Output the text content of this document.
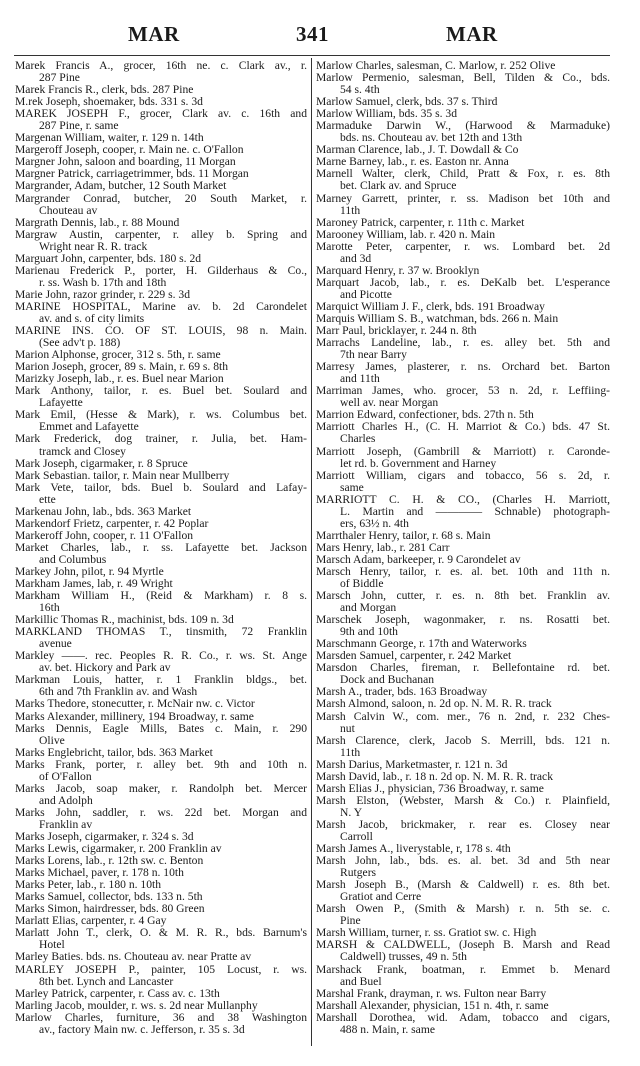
MAR	341	MAR
Marek Francis A., grocer, 16th ne. c. Clark av., r.
287 Pine
Marek Francis R., clerk, bds. 287 Pine
M.rek Joseph, shoemaker, bds. 331 s. 3d
MAREK JOSEPH F., grocer, Clark av. c. 16th and
287 Pine, r. same
Margenan William, waiter, r. 129 n. 14th
Margeroff Joseph, cooper, r. Main ne. c. O'Fallon
Margner John, saloon and boarding, 11 Morgan
Margner Patrick, carriagetrimmer, bds. 11 Morgan
Margrander, Adam, butcher, 12 South Market
Margrander Conrad, butcher, 20 South Market, r.
Chouteau av
Margrath Dennis, lab., r. 88 Mound
Margraw Austin, carpenter, r. alley b. Spring and
Wright near R. R. track
Marguart John, carpenter, bds. 180 s. 2d
Marienau Frederick P., porter, H. Gilderhaus & Co.,
r. ss. Wash b. 17th and 18th
Marie John, razor grinder, r. 229 s. 3d
MARINE HOSPITAL, Marine av. b. 2d Carondelet
av. and s. of city limits
MARINE INS. CO. OF ST. LOUIS, 98 n. Main.
(See adv't p. 188)
Marion Alphonse, grocer, 312 s. 5th, r. same
Marion Joseph, grocer, 89 s. Main, r. 69 s. 8th
Marizky Joseph, lab., r. es. Buel near Marion
Mark Anthony, tailor, r. es. Buel bet. Soulard and
Lafayette
Mark Emil, (Hesse & Mark), r. ws. Columbus bet.
Emmet and Lafayette
Mark Frederick, dog trainer, r. Julia, bet. Ham-
tramck and Closey
Mark Joseph, cigarmaker, r. 8 Spruce
Mark Sebastian. tailor, r. Main near Mullberry
Mark Vete, tailor, bds. Buel b. Soulard and Lafay-
ette
Markenau John, lab., bds. 363 Market
Markendorf Frietz, carpenter, r. 42 Poplar
Markeroff John, cooper, r. 11 O'Fallon
Market Charles, lab., r. ss. Lafayette bet. Jackson
and Columbus
Markey John, pilot, r. 94 Myrtle
Markham James, lab, r. 49 Wright
Markham William H., (Reid & Markham) r. 8 s.
16th
Markillic Thomas R., machinist, bds. 109 n. 3d
MARKLAND THOMAS T., tinsmith, 72 Franklin
avenue
Markley ——. rec. Peoples R. R. Co., r. ws. St. Ange
av. bet. Hickory and Park av
Markman Louis, hatter, r. 1 Franklin bldgs., bet.
6th and 7th Franklin av. and Wash
Marks Thedore, stonecutter, r. McNair nw. c. Victor
Marks Alexander, millinery, 194 Broadway, r. same
Marks Dennis, Eagle Mills, Bates c. Main, r. 290
Olive
Marks Englebricht, tailor, bds. 363 Market
Marks Frank, porter, r. alley bet. 9th and 10th n.
of O'Fallon
Marks Jacob, soap maker, r. Randolph bet. Mercer
and Adolph
Marks John, saddler, r. ws. 22d bet. Morgan and
Franklin av
Marks Joseph, cigarmaker, r. 324 s. 3d
Marks Lewis, cigarmaker, r. 200 Franklin av
Marks Lorens, lab., r. 12th sw. c. Benton
Marks Michael, paver, r. 178 n. 10th
Marks Peter, lab., r. 180 n. 10th
Marks Samuel, collector, bds. 133 n. 5th
Marks Simon, hairdresser, bds. 80 Green
Marlatt Elias, carpenter, r. 4 Gay
Marlatt John T., clerk, O. & M. R. R., bds. Barnum's
Hotel
Marley Baties. bds. ns. Chouteau av. near Pratte av
MARLEY JOSEPH P., painter, 105 Locust, r. ws.
8th bet. Lynch and Lancaster
Marley Patrick, carpenter, r. Cass av. c. 13th
Marling Jacob, moulder, r. ws. s. 2d near Mullanphy
Marlow Charles, furniture, 36 and 38 Washington
av., factory Main nw. c. Jefferson, r. 35 s. 3d
Marlow Charles, salesman, C. Marlow, r. 252 Olive
Marlow Permenio, salesman, Bell, Tilden & Co., bds.
54 s. 4th
Marlow Samuel, clerk, bds. 37 s. Third
Marlow William, bds. 35 s. 3d
Marmaduke Darwin W., (Harwood & Marmaduke)
bds. ns. Chouteau av. bet 12th and 13th
Marman Clarence, lab., J. T. Dowdall & Co
Marne Barney, lab., r. es. Easton nr. Anna
Marnell Walter, clerk, Child, Pratt & Fox, r. es. 8th
bet. Clark av. and Spruce
Marney Garrett, printer, r. ss. Madison bet 10th and
11th
Maroney Patrick, carpenter, r. 11th c. Market
Marooney William, lab. r. 420 n. Main
Marotte Peter, carpenter, r. ws. Lombard bet. 2d
and 3d
Marquard Henry, r. 37 w. Brooklyn
Marquart Jacob, lab., r. es. DeKalb bet. L'esperance
and Picotte
Marquict William J. F., clerk, bds. 191 Broadway
Marquis William S. B., watchman, bds. 266 n. Main
Marr Paul, bricklayer, r. 244 n. 8th
Marrachs Landeline, lab., r. es. alley bet. 5th and
7th near Barry
Marresy James, plasterer, r. ns. Orchard bet. Barton
and 11th
Marriman James, who. grocer, 53 n. 2d, r. Leffiing-
well av. near Morgan
Marrion Edward, confectioner, bds. 27th n. 5th
Marriott Charles H., (C. H. Marriot & Co.) bds. 47 St.
Charles
Marriott Joseph, (Gambrill & Marriott) r. Caronde-
let rd. b. Government and Harney
Marriott William, cigars and tobacco, 56 s. 2d, r.
same
MARRIOTT C. H. & CO., (Charles H. Marriott,
L. Martin and ———— Schnable) photograph-
ers, 63½ n. 4th
Marrthaler Henry, tailor, r. 68 s. Main
Mars Henry, lab., r. 281 Carr
Marsch Adam, barkeeper, r. 9 Carondelet av
Marsch Henry, tailor, r. es. al. bet. 10th and 11th n.
of Biddle
Marsch John, cutter, r. es. n. 8th bet. Franklin av.
and Morgan
Marschek Joseph, wagonmaker, r. ns. Rosatti bet.
9th and 10th
Marschmann George, r. 17th and Waterworks
Marsden Samuel, carpenter, r. 242 Market
Marsdon Charles, fireman, r. Bellefontaine rd. bet.
Dock and Buchanan
Marsh A., trader, bds. 163 Broadway
Marsh Almond, saloon, n. 2d op. N. M. R. R. track
Marsh Calvin W., com. mer., 76 n. 2nd, r. 232 Ches-
nut
Marsh Clarence, clerk, Jacob S. Merrill, bds. 121 n.
11th
Marsh Darius, Marketmaster, r. 121 n. 3d
Marsh David, lab., r. 18 n. 2d op. N. M. R. R. track
Marsh Elias J., physician, 736 Broadway, r. same
Marsh Elston, (Webster, Marsh & Co.) r. Plainfield,
N. Y
Marsh Jacob, brickmaker, r. rear es. Closey near
Carroll
Marsh James A., liverystable, r, 178 s. 4th
Marsh John, lab., bds. es. al. bet. 3d and 5th near
Rutgers
Marsh Joseph B., (Marsh & Caldwell) r. es. 8th bet.
Gratiot and Cerre
Marsh Owen P., (Smith & Marsh) r. n. 5th se. c.
Pine
Marsh William, turner, r. ss. Gratiot sw. c. High
MARSH & CALDWELL, (Joseph B. Marsh and Read
Caldwell) trusses, 49 n. 5th
Marshack Frank, boatman, r. Emmet b. Menard
and Buel
Marshal Frank, drayman, r. ws. Fulton near Barry
Marshall Alexander, physician, 151 n. 4th, r. same
Marshall Dorothea, wid. Adam, tobacco and cigars,
488 n. Main, r. same
